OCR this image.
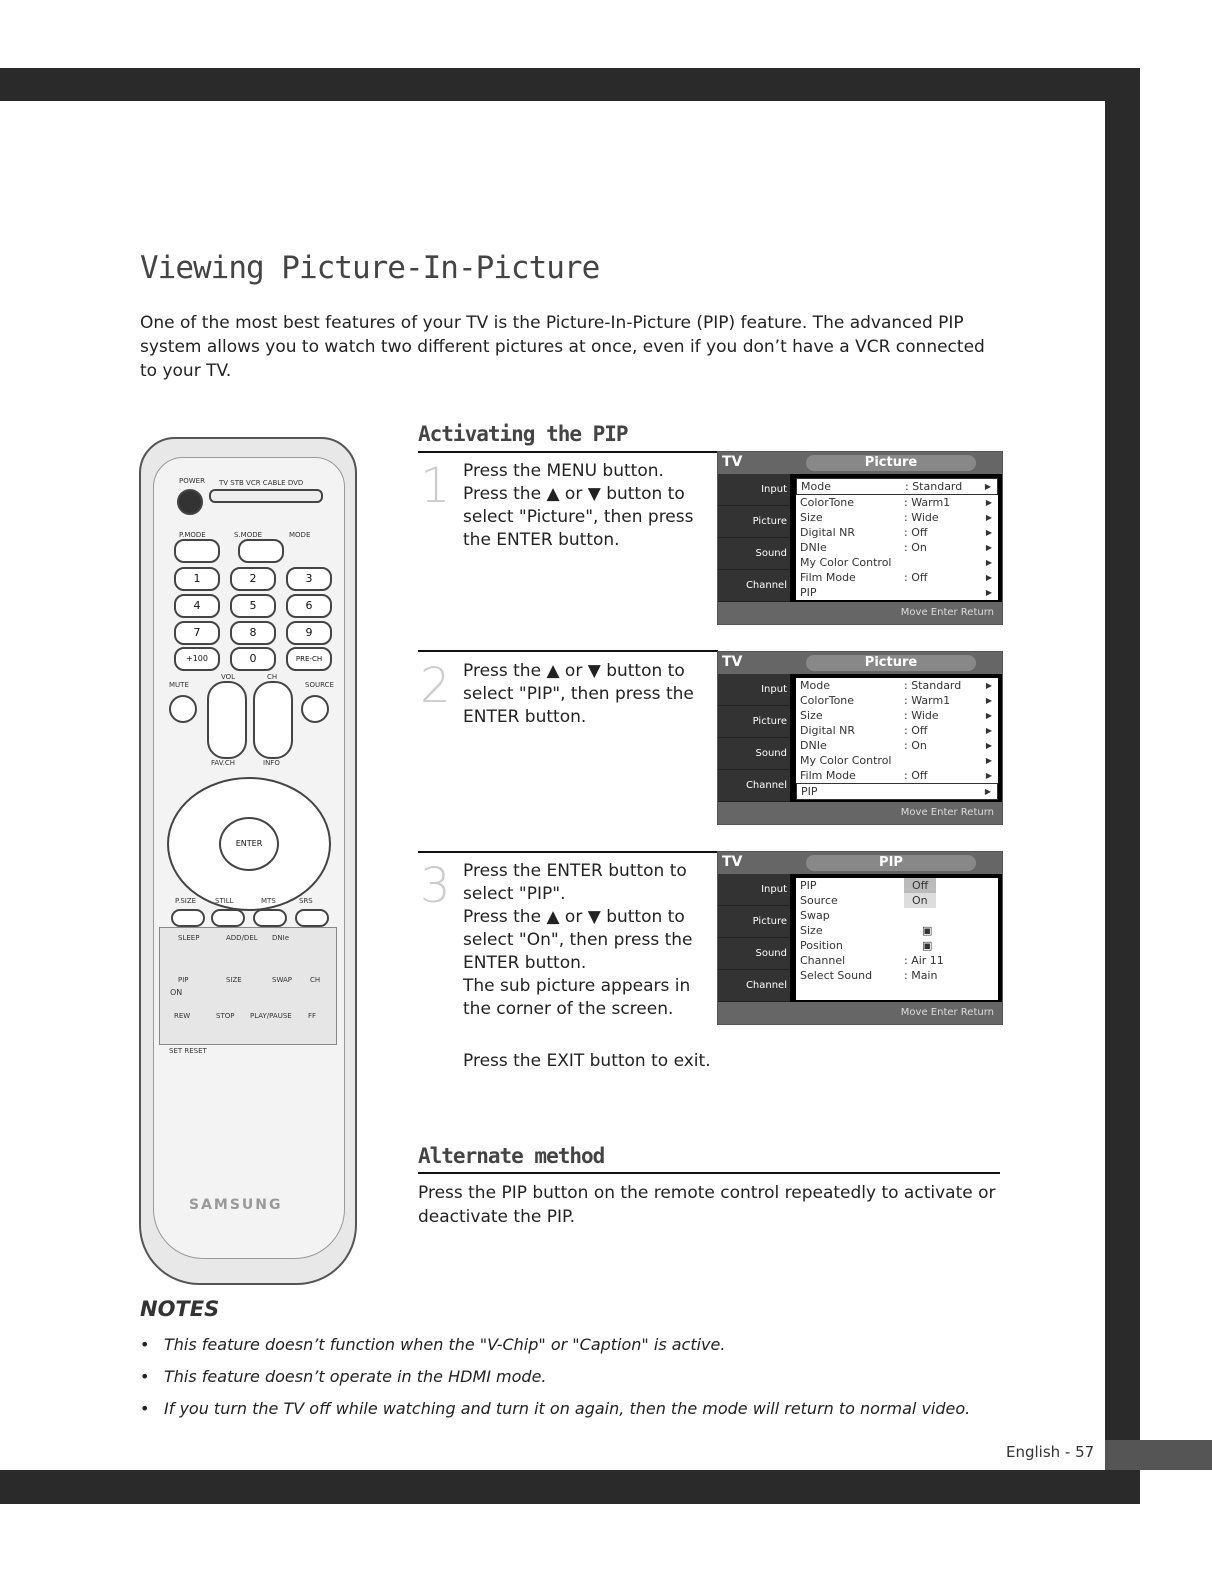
Viewing Picture-In-Picture
One of the most best features of your TV is the Picture-In-Picture (PIP) feature. The advanced PIP system allows you to watch two different pictures at once, even if you don’t have a VCR connected to your TV.
POWER TV STB VCR CABLE DVD
P.MODE	S.MODE	MODE
1	2	3
4	5	6
7	8	9
+100	0	PRE-CH
VOL	CH
MUTE	SOURCE
FAV.CH	INFO
ENTER
P.SIZE	STILL	MTS	SRS
SLEEP	ADD/DEL DNIe
PIP	SIZE	SWAP	CH
REW	STOP PLAY/PAUSE FF
ON
SET RESET
SAMSUNG
Activating the PIP
1 Press the MENU button.
Press the ▲ or ▼ button to select "Picture", then press the ENTER button.
2 Press the ▲ or ▼ button to select "PIP", then press the ENTER button.
3 Press the ENTER button to select "PIP".
Press the ▲ or ▼ button to select "On", then press the ENTER button.
The sub picture appears in the corner of the screen.
Press the EXIT button to exit.
TV	Picture
Input
Picture
Sound
Channel
Mode	: Standard	▶
ColorTone	: Warm1	▶
Size	: Wide	▶
Digital NR	: Off	▶
DNIe	: On	▶
My Color Control	▶
Film Mode	: Off	▶
PIP	▶
Move Enter Return
TV	Picture
Input
Picture
Sound
Channel
Mode	: Standard	▶
ColorTone	: Warm1	▶
Size	: Wide	▶
Digital NR	: Off	▶
DNIe	: On	▶
My Color Control	▶
Film Mode	: Off	▶
PIP	▶
Move Enter Return
TV	PIP
Input
Picture
Sound
Channel
PIP	Off
Source	On
Swap
Size	▣
Position	▣
Channel	: Air 11
Select Sound	: Main
Move Enter Return
Alternate method
Press the PIP button on the remote control repeatedly to activate or deactivate the PIP.
NOTES
• This feature doesn’t function when the "V-Chip" or "Caption" is active.
• This feature doesn’t operate in the HDMI mode.
• If you turn the TV off while watching and turn it on again, then the mode will return to normal video.
English - 57
